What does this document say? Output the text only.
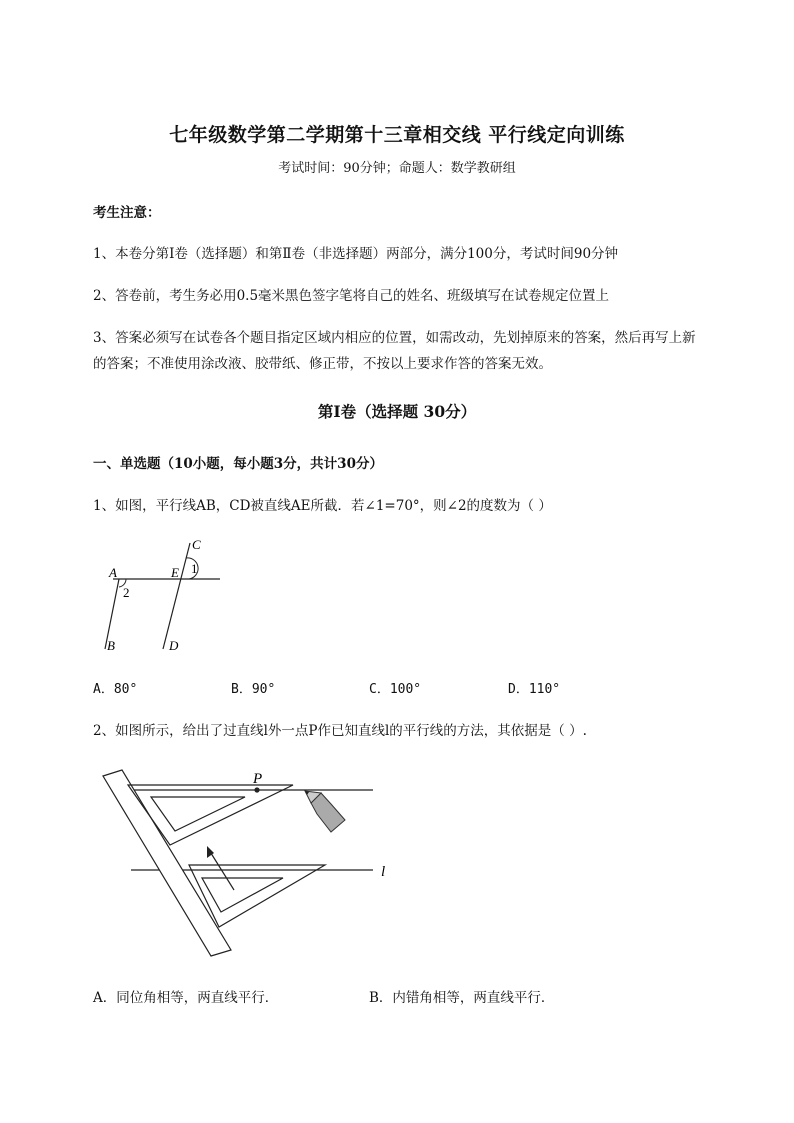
七年级数学第二学期第十三章相交线 平行线定向训练
考试时间：90分钟；命题人：数学教研组
考生注意：
1、本卷分第Ⅰ卷（选择题）和第Ⅱ卷（非选择题）两部分，满分100分，考试时间90分钟
2、答卷前，考生务必用0.5毫米黑色签字笔将自己的姓名、班级填写在试卷规定位置上
3、答案必须写在试卷各个题目指定区域内相应的位置，如需改动，先划掉原来的答案，然后再写上新
的答案；不准使用涂改液、胶带纸、修正带，不按以上要求作答的答案无效。
第Ⅰ卷（选择题 30分）
一、单选题（10小题，每小题3分，共计30分）
1、如图，平行线AB，CD被直线AE所截．若∠1=70°，则∠2的度数为（ ）
A
B
C
D
E 1
2
A．80°	B．90°	C．100°	D．110°
2、如图所示，给出了过直线l外一点P作已知直线l的平行线的方法，其依据是（ ）.
P
l
A．同位角相等，两直线平行．	B．内错角相等，两直线平行．
